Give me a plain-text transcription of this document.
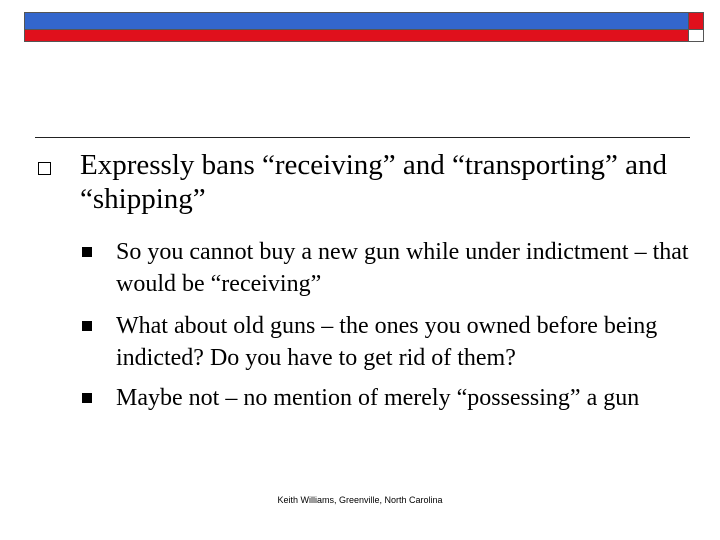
Expressly bans “receiving” and “transporting” and “shipping”
So you cannot buy a new gun while under indictment – that would be “receiving”
What about old guns – the ones you owned before being indicted? Do you have to get rid of them?
Maybe not – no mention of merely “possessing” a gun
Keith Williams, Greenville, North Carolina
